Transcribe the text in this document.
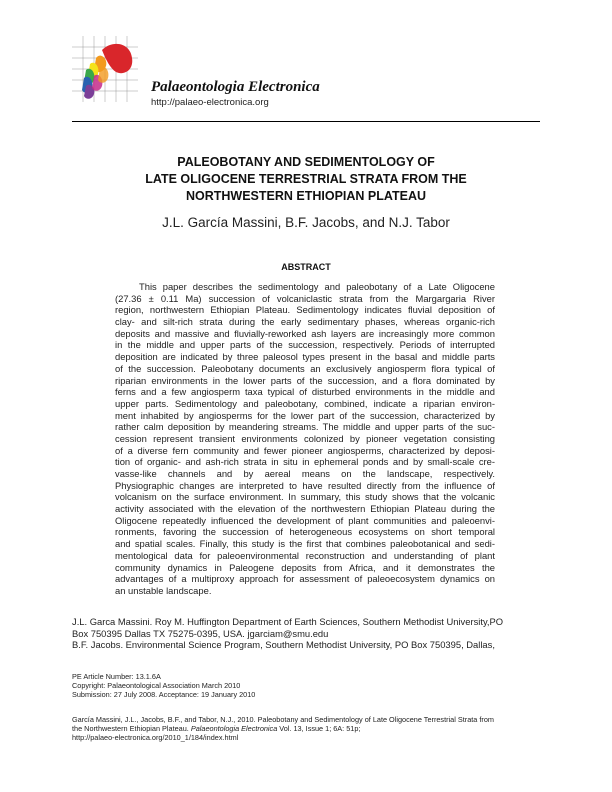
Palaeontologia Electronica
http://palaeo-electronica.org
PALEOBOTANY AND SEDIMENTOLOGY OF
LATE OLIGOCENE TERRESTRIAL STRATA FROM THE
NORTHWESTERN ETHIOPIAN PLATEAU
J.L. García Massini, B.F. Jacobs, and N.J. Tabor
ABSTRACT
This paper describes the sedimentology and paleobotany of a Late Oligocene
(27.36 ± 0.11 Ma) succession of volcaniclastic strata from the Margargaria River
region, northwestern Ethiopian Plateau. Sedimentology indicates fluvial deposition of
clay- and silt-rich strata during the early sedimentary phases, whereas organic-rich
deposits and massive and fluvially-reworked ash layers are increasingly more common
in the middle and upper parts of the succession, respectively. Periods of interrupted
deposition are indicated by three paleosol types present in the basal and middle parts
of the succession. Paleobotany documents an exclusively angiosperm flora typical of
riparian environments in the lower parts of the succession, and a flora dominated by
ferns and a few angiosperm taxa typical of disturbed environments in the middle and
upper parts. Sedimentology and paleobotany, combined, indicate a riparian environ-
ment inhabited by angiosperms for the lower part of the succession, characterized by
rather calm deposition by meandering streams. The middle and upper parts of the suc-
cession represent transient environments colonized by pioneer vegetation consisting
of a diverse fern community and fewer pioneer angiosperms, characterized by deposi-
tion of organic- and ash-rich strata in situ in ephemeral ponds and by small-scale cre-
vasse-like channels and by aereal means on the landscape, respectively.
Physiographic changes are interpreted to have resulted directly from the influence of
volcanism on the surface environment. In summary, this study shows that the volcanic
activity associated with the elevation of the northwestern Ethiopian Plateau during the
Oligocene repeatedly influenced the development of plant communities and paleoenvi-
ronments, favoring the succession of heterogeneous ecosystems on short temporal
and spatial scales. Finally, this study is the first that combines paleobotanical and sedi-
mentological data for paleoenvironmental reconstruction and understanding of plant
community dynamics in Paleogene deposits from Africa, and it demonstrates the
advantages of a multiproxy approach for assessment of paleoecosystem dynamics on
an unstable landscape.
J.L. Garca Massini. Roy M. Huffington Department of Earth Sciences, Southern Methodist University,PO
Box 750395 Dallas TX 75275-0395, USA. jgarciam@smu.edu
B.F. Jacobs. Environmental Science Program, Southern Methodist University, PO Box 750395, Dallas,
PE Article Number: 13.1.6A
Copyright: Palaeontological Association March 2010
Submission: 27 July 2008. Acceptance: 19 January 2010
García Massini, J.L., Jacobs, B.F., and Tabor, N.J., 2010. Paleobotany and Sedimentology of Late Oligocene Terrestrial Strata from
the Northwestern Ethiopian Plateau. Palaeontologia Electronica Vol. 13, Issue 1; 6A: 51p;
http://palaeo-electronica.org/2010_1/184/index.html
